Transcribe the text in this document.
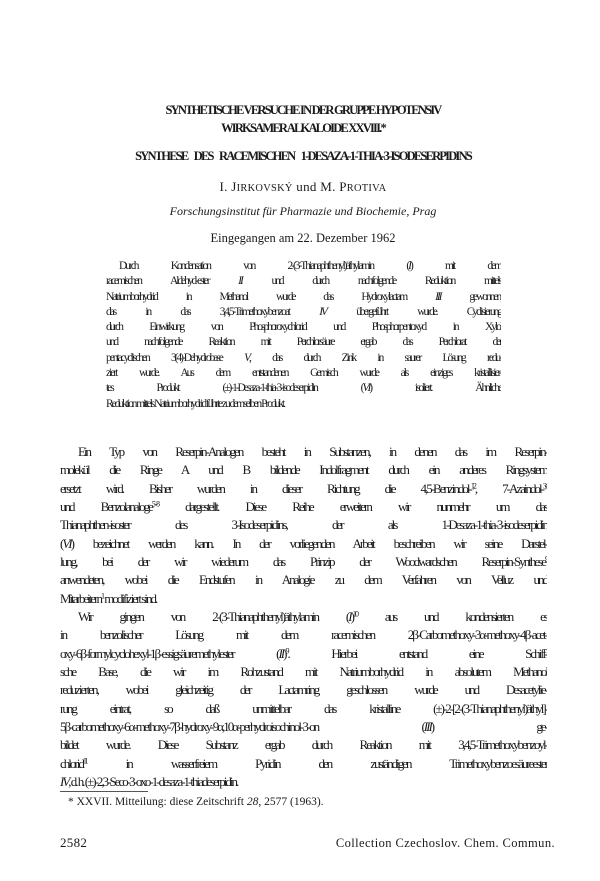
SYNTHETISCHE VERSUCHE IN DER GRUPPE HYPOTENSIV
WIRKSAMER ALKALOIDE XXVIII.*
SYNTHESE DES RACEMISCHEN 1-DESAZA-1-THIA-3-ISODESERPIDINS
I. JIRKOVSKÝ und M. PROTIVA
Forschungsinstitut für Pharmazie und Biochemie, Prag
Eingegangen am 22. Dezember 1962
Durch Kondensation von 2-(3-Thianaphthenyl)äthylamin (I) mit dem
racemischen Aldehyd-ester II und durch nachfolgende Reduktion mittels
Natriumborhydrid in Methanol wurde das Hydroxylactam III gewonnen,
das in das 3,4,5-Trimethoxybenzoat IV übergeführt wurde. Cyclisierung
durch Einwirkung von Phosphoroxychlorid und Phosphorpentoxyd in Xylol
und nachfolgende Reaktion mit Perchlorsäure ergab das Perchlorat der
pentacyclischen 3(4)-Dehydrobase V, das durch Zink in saurer Lösung redu-
ziert wurde. Aus dem entstandenen Gemisch wurde als einziges kristallisier-
tes Produkt (±)-1-Desaza-1-thia-3-isodeserpidin (VI) isoliert. Ähnliche
Reduktion mittels Natriumborhydrid führte zu demselben Produkt.
Ein Typ von Reserpin-Analogen besteht in Substanzen, in denen das im Reserpin-
molekül die Ringe A und B bildende Indolfragment durch ein anderes Ringsystem
ersetzt wird. Bisher wurden in dieser Richtung die 4,5-Benzindol-$^{1,2}$, 7-Azaindol-$^{3,4}$
und Benzolanaloge$^{5-8}$ dargestellt. Diese Reihe erweitern wir nunmehr um das
Thianaphthen-isoster des 3-Isodeserpidins, der als 1-Desaza-1-thia-3-isodeserpidin
(VI) bezeichnet werden kann. In der vorliegenden Arbeit beschreiben wir seine Darstel-
lung, bei der wir wiederum das Prinzip der Woodwardschen Reserpin-Synthese$^9$
anwendeten, wobei die Endstufen in Analogie zu dem Verfahren von Velluz und
Mitarbeitern$^1$ modifiziert sind.
Wir gingen von 2-(3-Thianaphthenyl)äthylamin $(I)^{10}$ aus und kondensierten es
in benzolischer Lösung mit dem racemischen 2β-Carbomethoxy-3α-methoxy-4β-acet-
oxy-6β-formylcyclohexyl-1β-essigsäuremethylester (II)$^9$. Hierbei entstand eine Schiff-
sche Base, die wir im Rohzustand mit Natriumborhydrid in absolutem Methanol
reduzierten, wobei gleichzeitig der Lactamring geschlossen wurde und Desacetylie-
rung eintrat, so daß unmittelbar das kristalline (±)-2-[2-(3-Thianaphthenyl)äthyl]-
5β-carbomethoxy-6α-methoxy-7β-hydroxy-9α,10α-perhydroisochinol-3-on (III) ge-
bildet wurde. Diese Substanz ergab durch Reaktion mit 3,4,5-Trimethoxybenzoyl-
chlorid$^{11}$ in wasserfreiem Pyridin den zuständigen Trimethoxybenzoesäureester
IV, d. h. (±)-2,3-Seco-3-oxo-1-desaza-1-thiadeserpidin.
* XXVII. Mitteilung: diese Zeitschrift 28, 2577 (1963).
2582	Collection Czechoslov. Chem. Commun.
